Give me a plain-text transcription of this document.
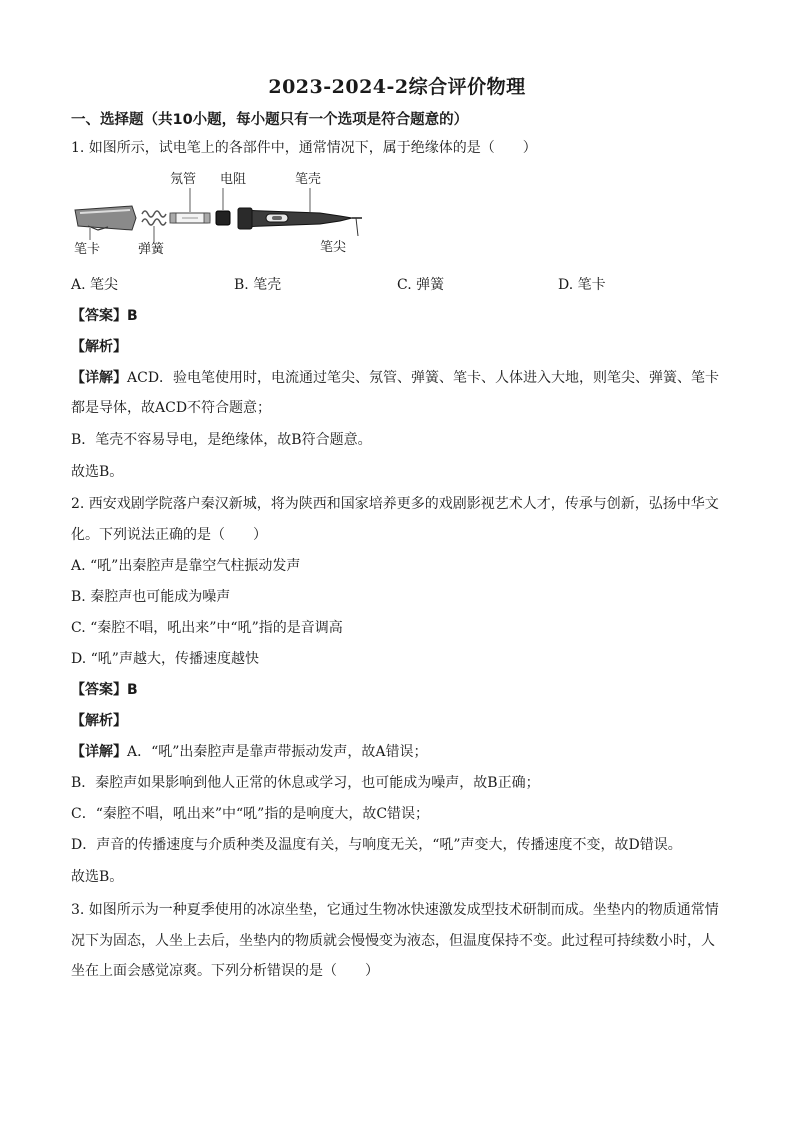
2023-2024-2综合评价物理
一、选择题（共10小题，每小题只有一个选项是符合题意的）
1. 如图所示，试电笔上的各部件中，通常情况下，属于绝缘体的是（　　）
氖管 电阻	笔壳
笔卡	弹簧	笔尖
A. 笔尖	B. 笔壳	C. 弹簧	D. 笔卡
【答案】B
【解析】
【详解】ACD．验电笔使用时，电流通过笔尖、氖管、弹簧、笔卡、人体进入大地，则笔尖、弹簧、笔卡
都是导体，故ACD不符合题意；
B．笔壳不容易导电，是绝缘体，故B符合题意。
故选B。
2. 西安戏剧学院落户秦汉新城，将为陕西和国家培养更多的戏剧影视艺术人才，传承与创新，弘扬中华文
化。下列说法正确的是（　　）
A. “吼”出秦腔声是靠空气柱振动发声
B. 秦腔声也可能成为噪声
C. “秦腔不唱，吼出来”中“吼”指的是音调高
D. “吼”声越大，传播速度越快
【答案】B
【解析】
【详解】A．“吼”出秦腔声是靠声带振动发声，故A错误；
B．秦腔声如果影响到他人正常的休息或学习，也可能成为噪声，故B正确；
C．“秦腔不唱，吼出来”中“吼”指的是响度大，故C错误；
D．声音的传播速度与介质种类及温度有关，与响度无关，“吼”声变大，传播速度不变，故D错误。
故选B。
3. 如图所示为一种夏季使用的冰凉坐垫，它通过生物冰快速激发成型技术研制而成。坐垫内的物质通常情
况下为固态，人坐上去后，坐垫内的物质就会慢慢变为液态，但温度保持不变。此过程可持续数小时，人
坐在上面会感觉凉爽。下列分析错误的是（　　）
